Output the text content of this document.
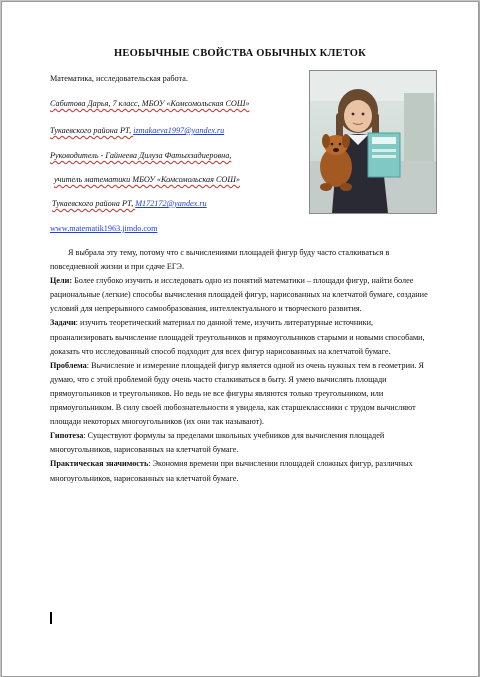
НЕОБЫЧНЫЕ СВОЙСТВА ОБЫЧНЫХ КЛЕТОК
Математика, исследовательская работа.
Сабитова Дарья, 7 класс, МБОУ «Комсомольская СОШ»
Тукаевского района РТ, izmakaeva1997@yandex.ru
Руководитель - Гайнеева Дилуза Фатыхзадиеровна,
учитель математики МБОУ «Комсомольская СОШ»
Тукаевского района РТ, M172172@yandex.ru
www.matematik1963.jimdo.com

Я выбрала эту тему, потому что с вычислениями площадей фигур буду часто сталкиваться в повседневной жизни и при сдаче ЕГЭ.

Цели: Более глубоко изучить и исследовать одно из понятий математики – площади фигур, найти более рациональные (легкие) способы вычисления площадей фигур, нарисованных на клетчатой бумаге, создание условий для непрерывного самообразования, интеллектуального и творческого развития.

Задачи: изучить теоретический материал по данной теме, изучить литературные источники, проанализировать вычисление площадей треугольников и прямоугольников старыми и новыми способами, доказать что исследованный способ подходит для всех фигур нарисованных на клетчатой бумаге.

Проблема: Вычисление и измерение площадей фигур является одной из очень нужных тем в геометрии. Я думаю, что с этой проблемой буду очень часто сталкиваться в быту. Я умею вычислять площади прямоугольников и треугольников. Но ведь не все фигуры являются только треугольником, или прямоугольником. В силу своей любознательности я увидела, как старшеклассники с трудом вычисляют площади некоторых многоугольников (их они так называют).

Гипотеза: Существуют формулы за пределами школьных учебников для вычисления площадей многоугольников, нарисованных на клетчатой бумаге.

Практическая значимость: Экономия времени при вычислении площадей сложных фигур, различных многоугольников, нарисованных на клетчатой бумаге.
